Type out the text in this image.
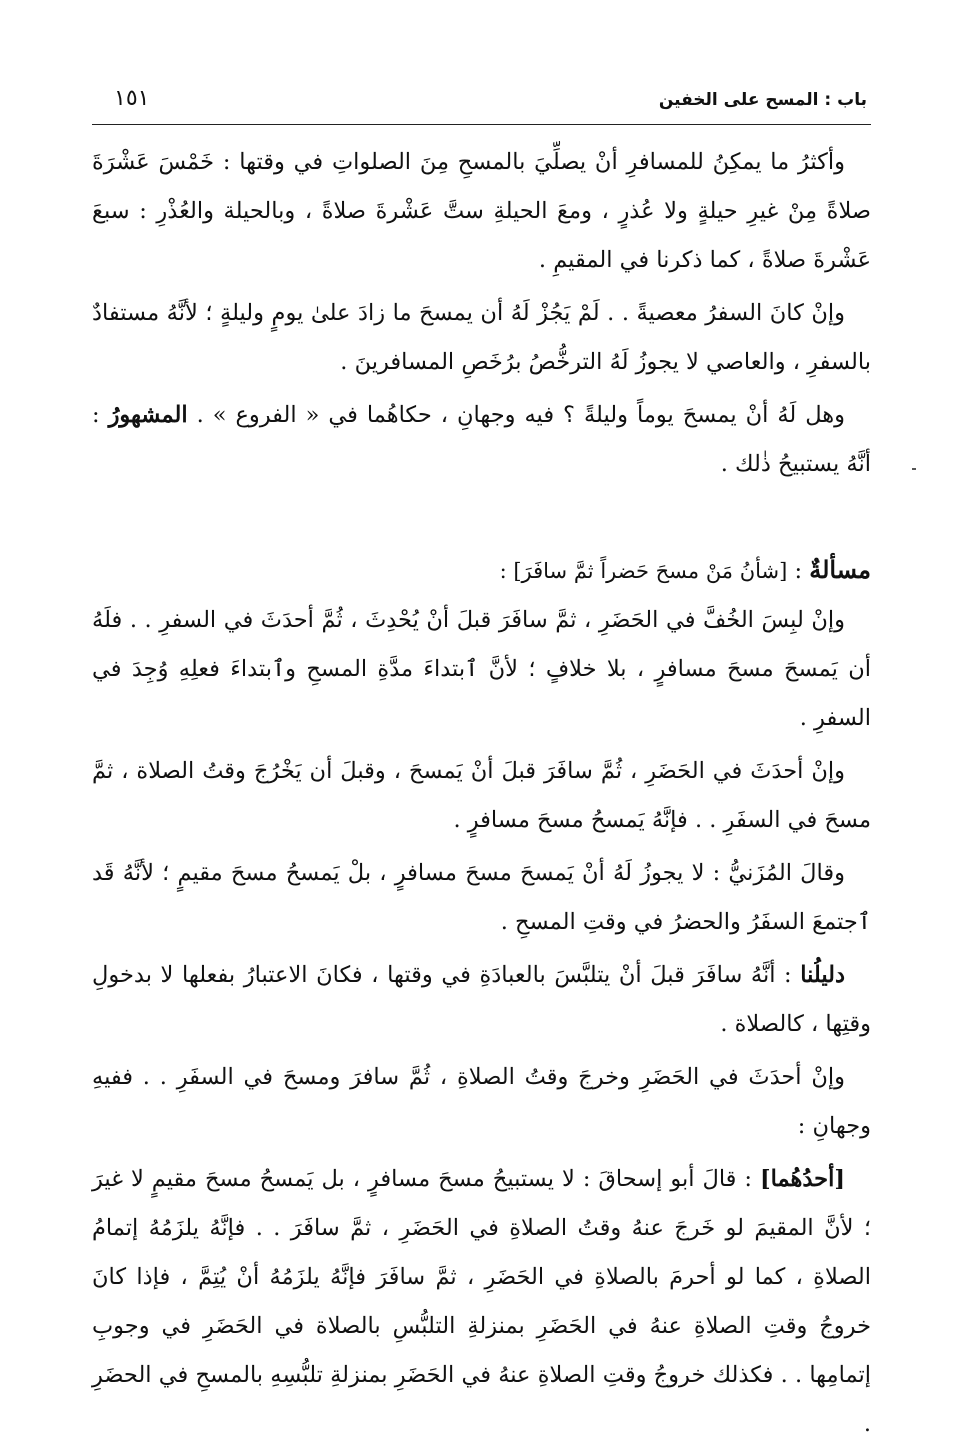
باب : المسح على الخفين
١٥١

وأكثرُ ما يمكِنُ للمسافرِ أنْ يصلِّيَ بالمسحِ مِنَ الصلواتِ في وقتها : خَمْسَ عَشْرَةَ صلاةً مِنْ غيرِ حيلةٍ ولا عُذرٍ ، ومعَ الحيلةِ ستَّ عَشْرةَ صلاةً ، وبالحيلة والعُذْرِ : سبعَ عَشْرةَ صلاةً ، كما ذكرنا في المقيمِ .

وإنْ كانَ السفرُ معصيةً . . لَمْ يَجُزْ لَهُ أن يمسحَ ما زادَ علىٰ يومٍ وليلةٍ ؛ لأنَّهُ مستفادٌ بالسفرِ ، والعاصي لا يجوزُ لَهُ الترخُّصُ برُخَصِ المسافرينَ .

وهل لَهُ أنْ يمسحَ يوماً وليلةً ؟ فيه وجهانِ ، حكاهُما في « الفروع » . المشهورُ : أنَّهُ يستبيحُ ذٰلك .

مسألةٌ : [شأنُ مَنْ مسحَ حَضراً ثمَّ سافَرَ] :

وإنْ لبِسَ الخُفَّ في الحَضَرِ ، ثمَّ سافَرَ قبلَ أنْ يُحْدِثَ ، ثُمَّ أحدَثَ في السفرِ . . فلَهُ أن يَمسحَ مسحَ مسافرٍ ، بلا خلافٍ ؛ لأنَّ ٱبتداءَ مدَّةِ المسحِ وٱبتداءَ فعلِهِ وُجِدَ في السفرِ .

وإنْ أحدَثَ في الحَضَرِ ، ثُمَّ سافَرَ قبلَ أنْ يَمسحَ ، وقبلَ أن يَخْرُجَ وقتُ الصلاة ، ثمَّ مسحَ في السفَرِ . . فإنَّهُ يَمسحُ مسحَ مسافرٍ .

وقالَ المُزَنيُّ : لا يجوزُ لَهُ أنْ يَمسحَ مسحَ مسافرٍ ، بلْ يَمسحُ مسحَ مقيمٍ ؛ لأنَّهُ قَد ٱجتمعَ السفَرُ والحضرُ في وقتِ المسحِ .

دليلُنا : أنَّهُ سافَرَ قبلَ أنْ يتلبَّسَ بالعبادَةِ في وقتها ، فكانَ الاعتبارُ بفعلها لا بدخولِ وقتِها ، كالصلاة .

وإنْ أحدَثَ في الحَضَرِ وخرجَ وقتُ الصلاةِ ، ثُمَّ سافرَ ومسحَ في السفَرِ . . ففيهِ وجهانِ :

[أحدُهُما] : قالَ أبو إسحاقَ : لا يستبيحُ مسحَ مسافرٍ ، بل يَمسحُ مسحَ مقيمٍ لا غيرَ ؛ لأنَّ المقيمَ لو خَرجَ عنهُ وقتُ الصلاةِ في الحَضَرِ ، ثمَّ سافَرَ . . فإنَّهُ يلزَمُهُ إتمامُ الصلاةِ ، كما لو أحرمَ بالصلاةِ في الحَضَرِ ، ثمَّ سافَرَ فإنَّهُ يلزَمُهُ أنْ يُتِمَّ ، فإذا كانَ خروجُ وقتِ الصلاةِ عنهُ في الحَضَرِ بمنزلةِ التلبُّسِ بالصلاة في الحَضَرِ في وجوبِ إتمامِها . . فكذلك خروجُ وقتِ الصلاةِ عنهُ في الحَضَرِ بمنزلةِ تلبُّسِهِ بالمسحِ في الحضَرِ .
